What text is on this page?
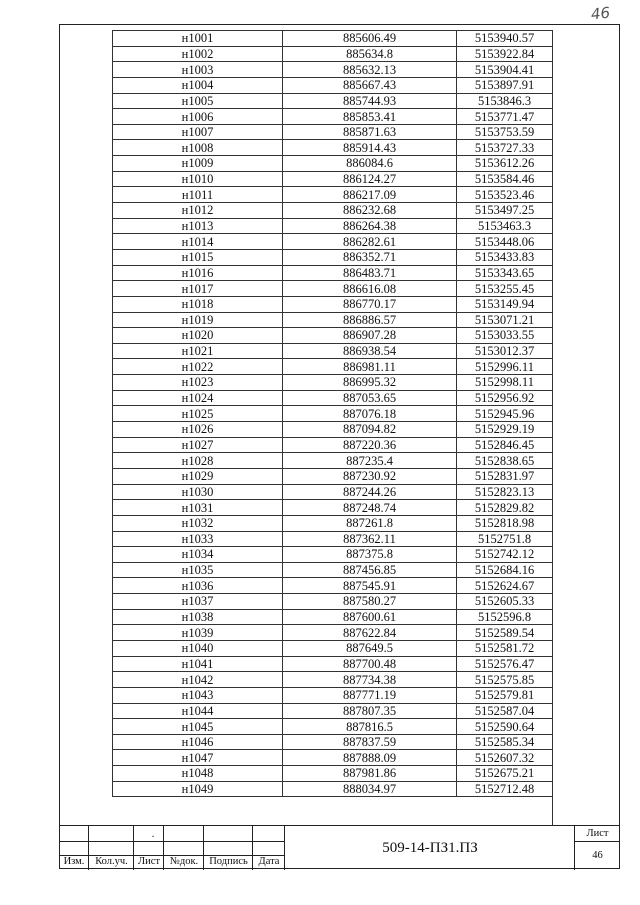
46
н1001	885606.49	5153940.57
н1002	885634.8	5153922.84
н1003	885632.13	5153904.41
н1004	885667.43	5153897.91
н1005	885744.93	5153846.3
н1006	885853.41	5153771.47
н1007	885871.63	5153753.59
н1008	885914.43	5153727.33
н1009	886084.6	5153612.26
н1010	886124.27	5153584.46
н1011	886217.09	5153523.46
н1012	886232.68	5153497.25
н1013	886264.38	5153463.3
н1014	886282.61	5153448.06
н1015	886352.71	5153433.83
н1016	886483.71	5153343.65
н1017	886616.08	5153255.45
н1018	886770.17	5153149.94
н1019	886886.57	5153071.21
н1020	886907.28	5153033.55
н1021	886938.54	5153012.37
н1022	886981.11	5152996.11
н1023	886995.32	5152998.11
н1024	887053.65	5152956.92
н1025	887076.18	5152945.96
н1026	887094.82	5152929.19
н1027	887220.36	5152846.45
н1028	887235.4	5152838.65
н1029	887230.92	5152831.97
н1030	887244.26	5152823.13
н1031	887248.74	5152829.82
н1032	887261.8	5152818.98
н1033	887362.11	5152751.8
н1034	887375.8	5152742.12
н1035	887456.85	5152684.16
н1036	887545.91	5152624.67
н1037	887580.27	5152605.33
н1038	887600.61	5152596.8
н1039	887622.84	5152589.54
н1040	887649.5	5152581.72
н1041	887700.48	5152576.47
н1042	887734.38	5152575.85
н1043	887771.19	5152579.81
н1044	887807.35	5152587.04
н1045	887816.5	5152590.64
н1046	887837.59	5152585.34
н1047	887888.09	5152607.32
н1048	887981.86	5152675.21
н1049	888034.97	5152712.48
.
Изм.	Кол.уч. Лист №док.	Подпись	Дата
509-14-ПЗ1.ПЗ
Лист
46
